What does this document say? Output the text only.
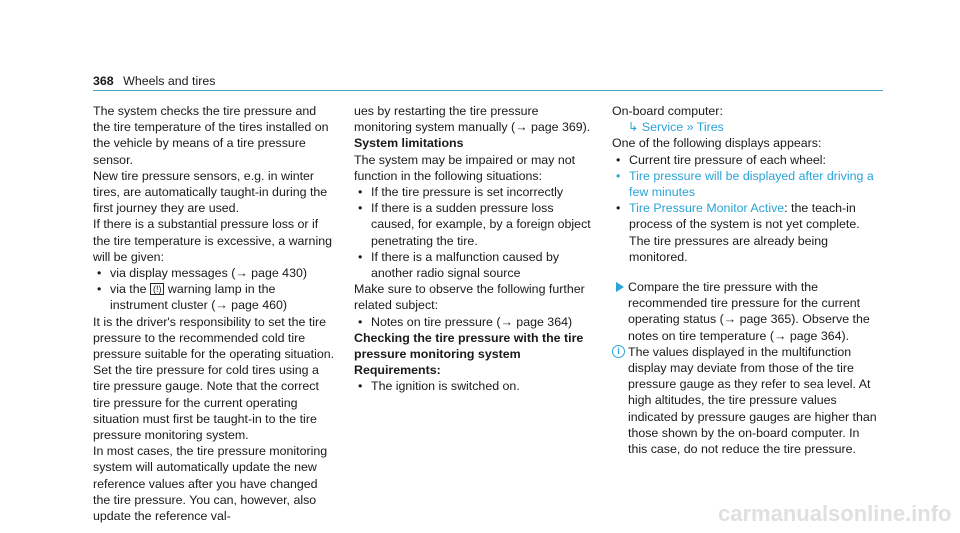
368 Wheels and tires

The system checks the tire pressure and the tire temperature of the tires installed on the vehicle by means of a tire pressure sensor.

New tire pressure sensors, e.g. in winter tires, are automatically taught-in during the first journey they are used.

If there is a substantial pressure loss or if the tire temperature is excessive, a warning will be given:

• via display messages (→ page 430)
• via the (!) warning lamp in the instrument cluster (→ page 460)

It is the driver's responsibility to set the tire pressure to the recommended cold tire pressure suitable for the operating situation. Set the tire pressure for cold tires using a tire pressure gauge. Note that the correct tire pressure for the current operating situation must first be taught-in to the tire pressure monitoring system.

In most cases, the tire pressure monitoring system will automatically update the new reference values after you have changed the tire pressure. You can, however, also update the reference val-

ues by restarting the tire pressure monitoring system manually (→ page 369).

System limitations

The system may be impaired or may not function in the following situations:

• If the tire pressure is set incorrectly
• If there is a sudden pressure loss caused, for example, by a foreign object penetrating the tire.
• If there is a malfunction caused by another radio signal source

Make sure to observe the following further related subject:

• Notes on tire pressure (→ page 364)

Checking the tire pressure with the tire pressure monitoring system

Requirements:

• The ignition is switched on.

On-board computer:

↳ Service » Tires

One of the following displays appears:

• Current tire pressure of each wheel:
• Tire pressure will be displayed after driving a few minutes
• Tire Pressure Monitor Active: the teach-in process of the system is not yet complete. The tire pressures are already being monitored.
Compare the tire pressure with the recommended tire pressure for the current operating status (→ page 365). Observe the notes on tire temperature (→ page 364).
i The values displayed in the multifunction display may deviate from those of the tire pressure gauge as they refer to sea level. At high altitudes, the tire pressure values indicated by pressure gauges are higher than those shown by the on-board computer. In this case, do not reduce the tire pressure.
carmanualsonline.info
